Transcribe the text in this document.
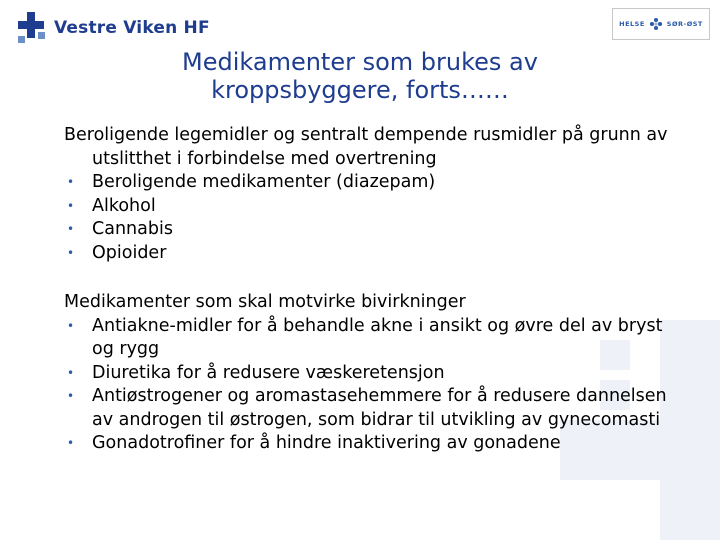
Vestre Viken HF	HELSE	SØR-ØST
Medikamenter som brukes av
kroppsbyggere, forts……
Beroligende legemidler og sentralt dempende rusmidler på grunn av utslitthet i forbindelse med overtrening
• Beroligende medikamenter (diazepam)
• Alkohol
• Cannabis
• Opioider
Medikamenter som skal motvirke bivirkninger
• Antiakne-midler for å behandle akne i ansikt og øvre del av bryst og rygg
• Diuretika for å redusere væskeretensjon
• Antiøstrogener og aromastasehemmere for å redusere dannelsen av androgen til østrogen, som bidrar til utvikling av gynecomasti
• Gonadotrofiner for å hindre inaktivering av gonadene
